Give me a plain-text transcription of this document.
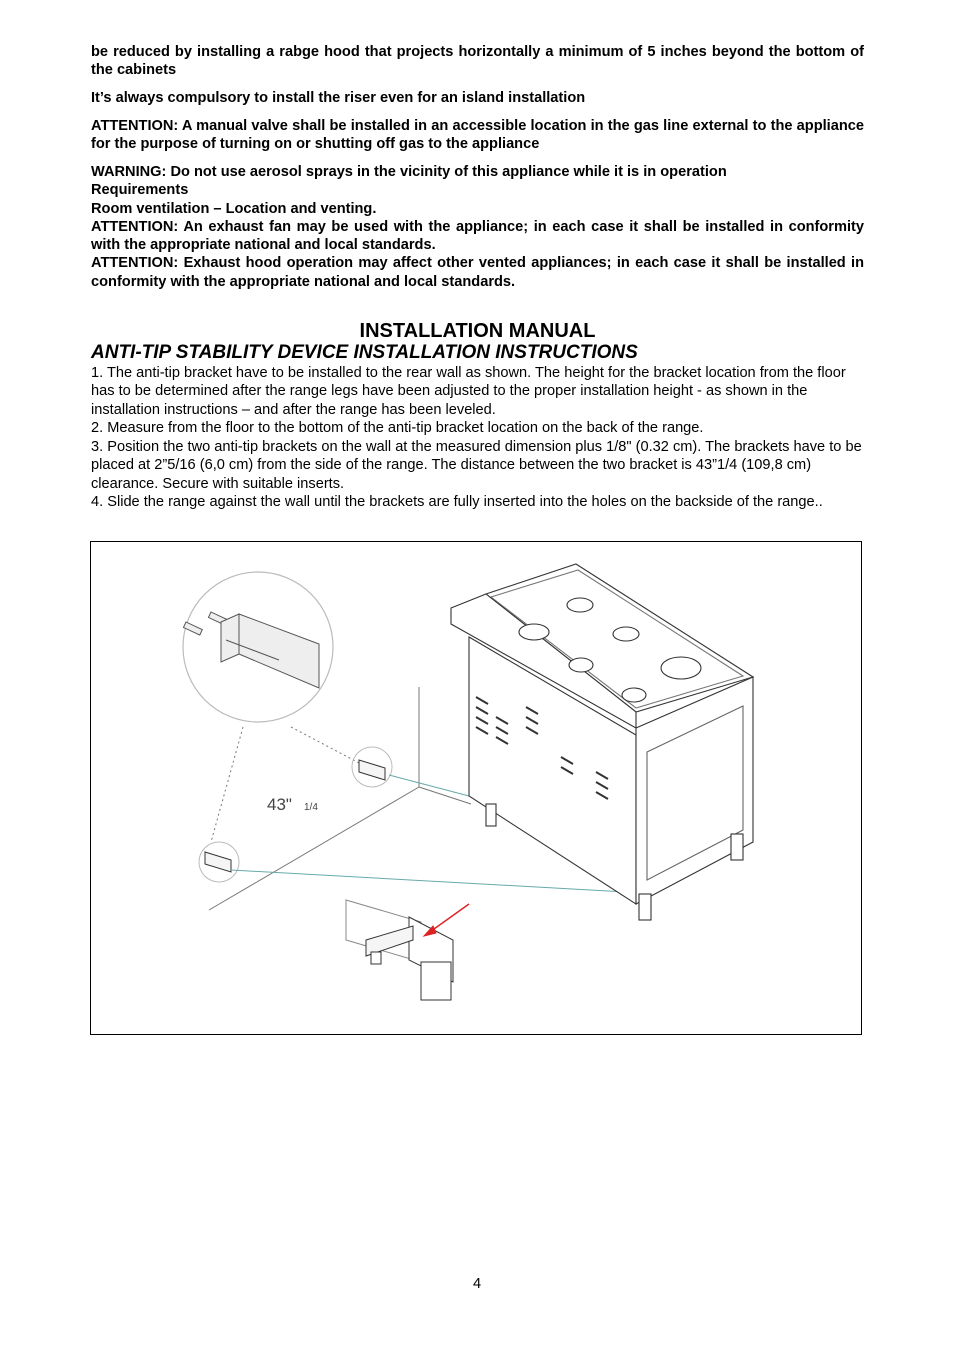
be reduced by installing a rabge hood that projects horizontally a minimum of 5 inches beyond the bottom of the cabinets

It’s always compulsory to install the riser even for an island installation

ATTENTION: A manual valve shall be installed in an accessible location in the gas line external to the appliance for the purpose of turning on or shutting off gas to the appliance

WARNING: Do not use aerosol sprays in the vicinity of this appliance while it is in operation

Requirements

Room ventilation – Location and venting.

ATTENTION: An exhaust fan may be used with the appliance; in each case it shall be installed in conformity with the appropriate national and local standards.

ATTENTION: Exhaust hood operation may affect other vented appliances; in each case it shall be installed in conformity with the appropriate national and local standards.

INSTALLATION MANUAL
ANTI-TIP STABILITY DEVICE INSTALLATION INSTRUCTIONS

1. The anti-tip bracket have to be installed to the rear wall as shown. The height for the bracket location from the floor has to be determined after the range legs have been adjusted to the proper installation height - as shown in the installation instructions – and after the range has been leveled.

2. Measure from the floor to the bottom of the anti-tip bracket location on the back of the range.

3. Position the two anti-tip brackets on the wall at the measured dimension plus 1/8" (0.32 cm). The brackets have to be placed at 2”5/16 (6,0 cm) from the side of the range. The distance between the two bracket is 43”1/4 (109,8 cm) clearance. Secure with suitable inserts.

4. Slide the range against the wall until the brackets are fully inserted into the holes on the backside of the range..

43" 1/4
4
